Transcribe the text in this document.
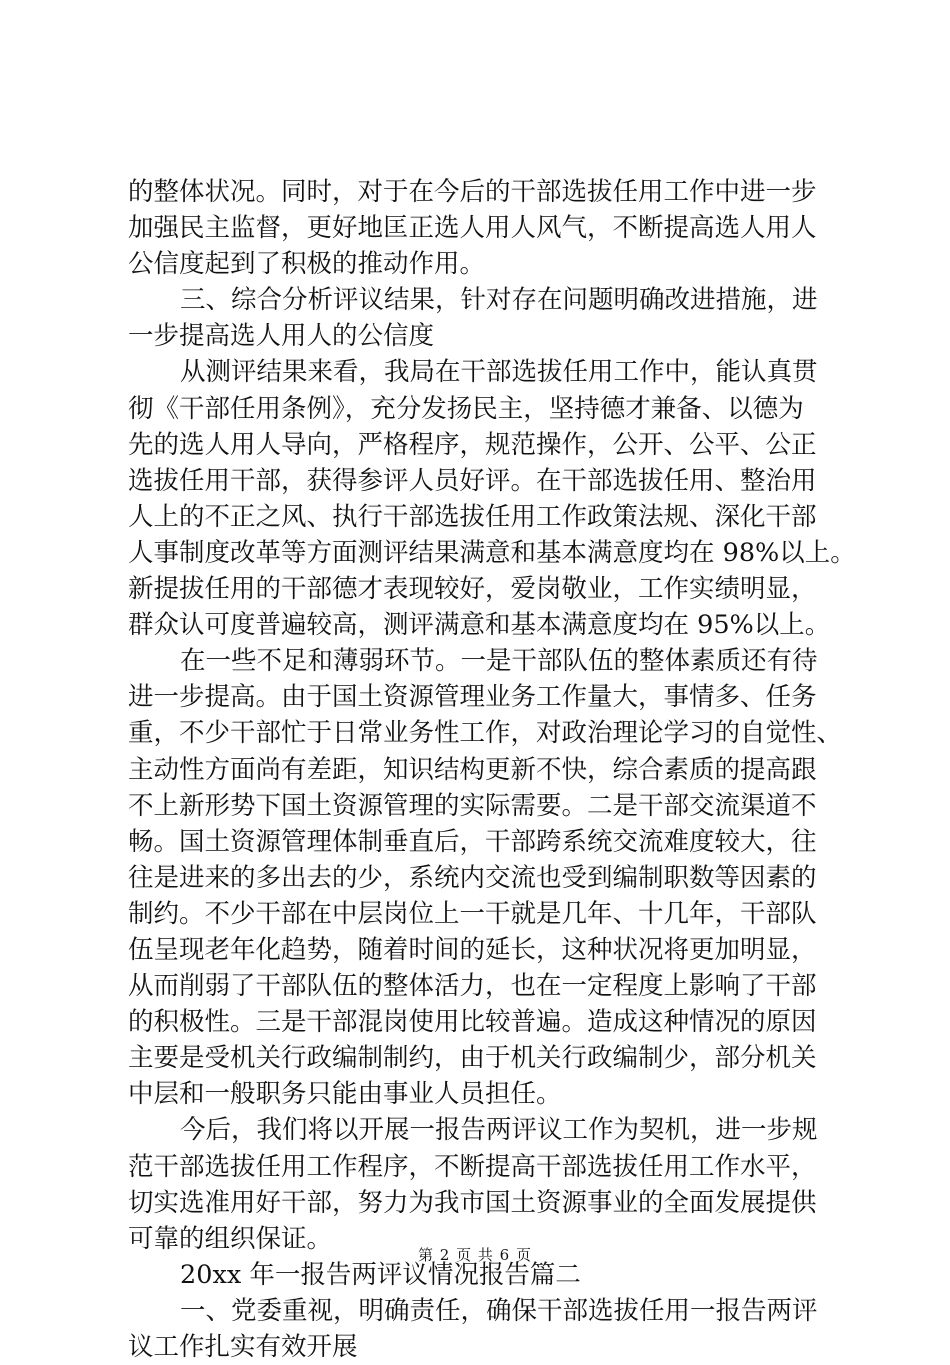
的整体状况。同时，对于在今后的干部选拔任用工作中进一步
加强民主监督，更好地匡正选人用人风气，不断提高选人用人
公信度起到了积极的推动作用。
三、综合分析评议结果，针对存在问题明确改进措施，进
一步提高选人用人的公信度
从测评结果来看，我局在干部选拔任用工作中，能认真贯
彻《干部任用条例》，充分发扬民主，坚持德才兼备、以德为
先的选人用人导向，严格程序，规范操作，公开、公平、公正
选拔任用干部，获得参评人员好评。在干部选拔任用、整治用
人上的不正之风、执行干部选拔任用工作政策法规、深化干部
人事制度改革等方面测评结果满意和基本满意度均在 98%以上。
新提拔任用的干部德才表现较好，爱岗敬业，工作实绩明显，
群众认可度普遍较高，测评满意和基本满意度均在 95%以上。
在一些不足和薄弱环节。一是干部队伍的整体素质还有待
进一步提高。由于国土资源管理业务工作量大，事情多、任务
重，不少干部忙于日常业务性工作，对政治理论学习的自觉性、
主动性方面尚有差距，知识结构更新不快，综合素质的提高跟
不上新形势下国土资源管理的实际需要。二是干部交流渠道不
畅。国土资源管理体制垂直后，干部跨系统交流难度较大，往
往是进来的多出去的少，系统内交流也受到编制职数等因素的
制约。不少干部在中层岗位上一干就是几年、十几年，干部队
伍呈现老年化趋势，随着时间的延长，这种状况将更加明显，
从而削弱了干部队伍的整体活力，也在一定程度上影响了干部
的积极性。三是干部混岗使用比较普遍。造成这种情况的原因
主要是受机关行政编制制约，由于机关行政编制少，部分机关
中层和一般职务只能由事业人员担任。
今后，我们将以开展一报告两评议工作为契机，进一步规
范干部选拔任用工作程序，不断提高干部选拔任用工作水平，
切实选准用好干部，努力为我市国土资源事业的全面发展提供
可靠的组织保证。
20xx 年一报告两评议情况报告篇二
一、党委重视，明确责任，确保干部选拔任用一报告两评
议工作扎实有效开展
第 2 页 共 6 页
